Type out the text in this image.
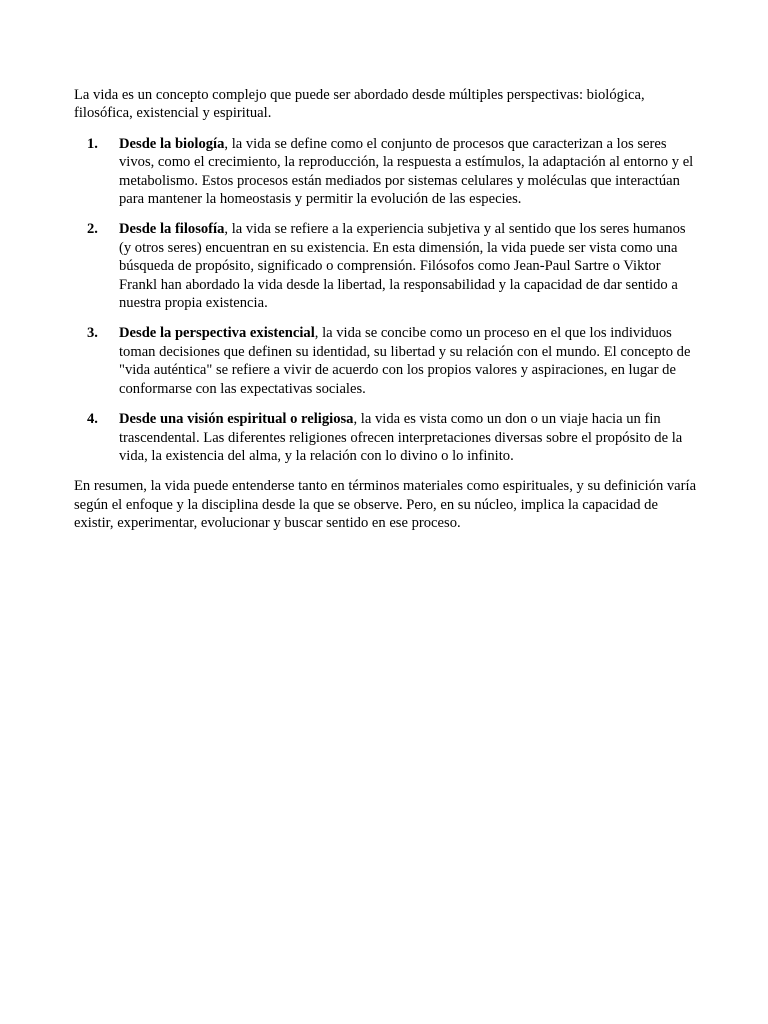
La vida es un concepto complejo que puede ser abordado desde múltiples perspectivas: biológica, filosófica, existencial y espiritual.

1. Desde la biología, la vida se define como el conjunto de procesos que caracterizan a los seres vivos, como el crecimiento, la reproducción, la respuesta a estímulos, la adaptación al entorno y el metabolismo. Estos procesos están mediados por sistemas celulares y moléculas que interactúan para mantener la homeostasis y permitir la evolución de las especies.
2. Desde la filosofía, la vida se refiere a la experiencia subjetiva y al sentido que los seres humanos (y otros seres) encuentran en su existencia. En esta dimensión, la vida puede ser vista como una búsqueda de propósito, significado o comprensión. Filósofos como Jean-Paul Sartre o Viktor Frankl han abordado la vida desde la libertad, la responsabilidad y la capacidad de dar sentido a nuestra propia existencia.
3. Desde la perspectiva existencial, la vida se concibe como un proceso en el que los individuos toman decisiones que definen su identidad, su libertad y su relación con el mundo. El concepto de "vida auténtica" se refiere a vivir de acuerdo con los propios valores y aspiraciones, en lugar de conformarse con las expectativas sociales.
4. Desde una visión espiritual o religiosa, la vida es vista como un don o un viaje hacia un fin trascendental. Las diferentes religiones ofrecen interpretaciones diversas sobre el propósito de la vida, la existencia del alma, y la relación con lo divino o lo infinito.

En resumen, la vida puede entenderse tanto en términos materiales como espirituales, y su definición varía según el enfoque y la disciplina desde la que se observe. Pero, en su núcleo, implica la capacidad de existir, experimentar, evolucionar y buscar sentido en ese proceso.
